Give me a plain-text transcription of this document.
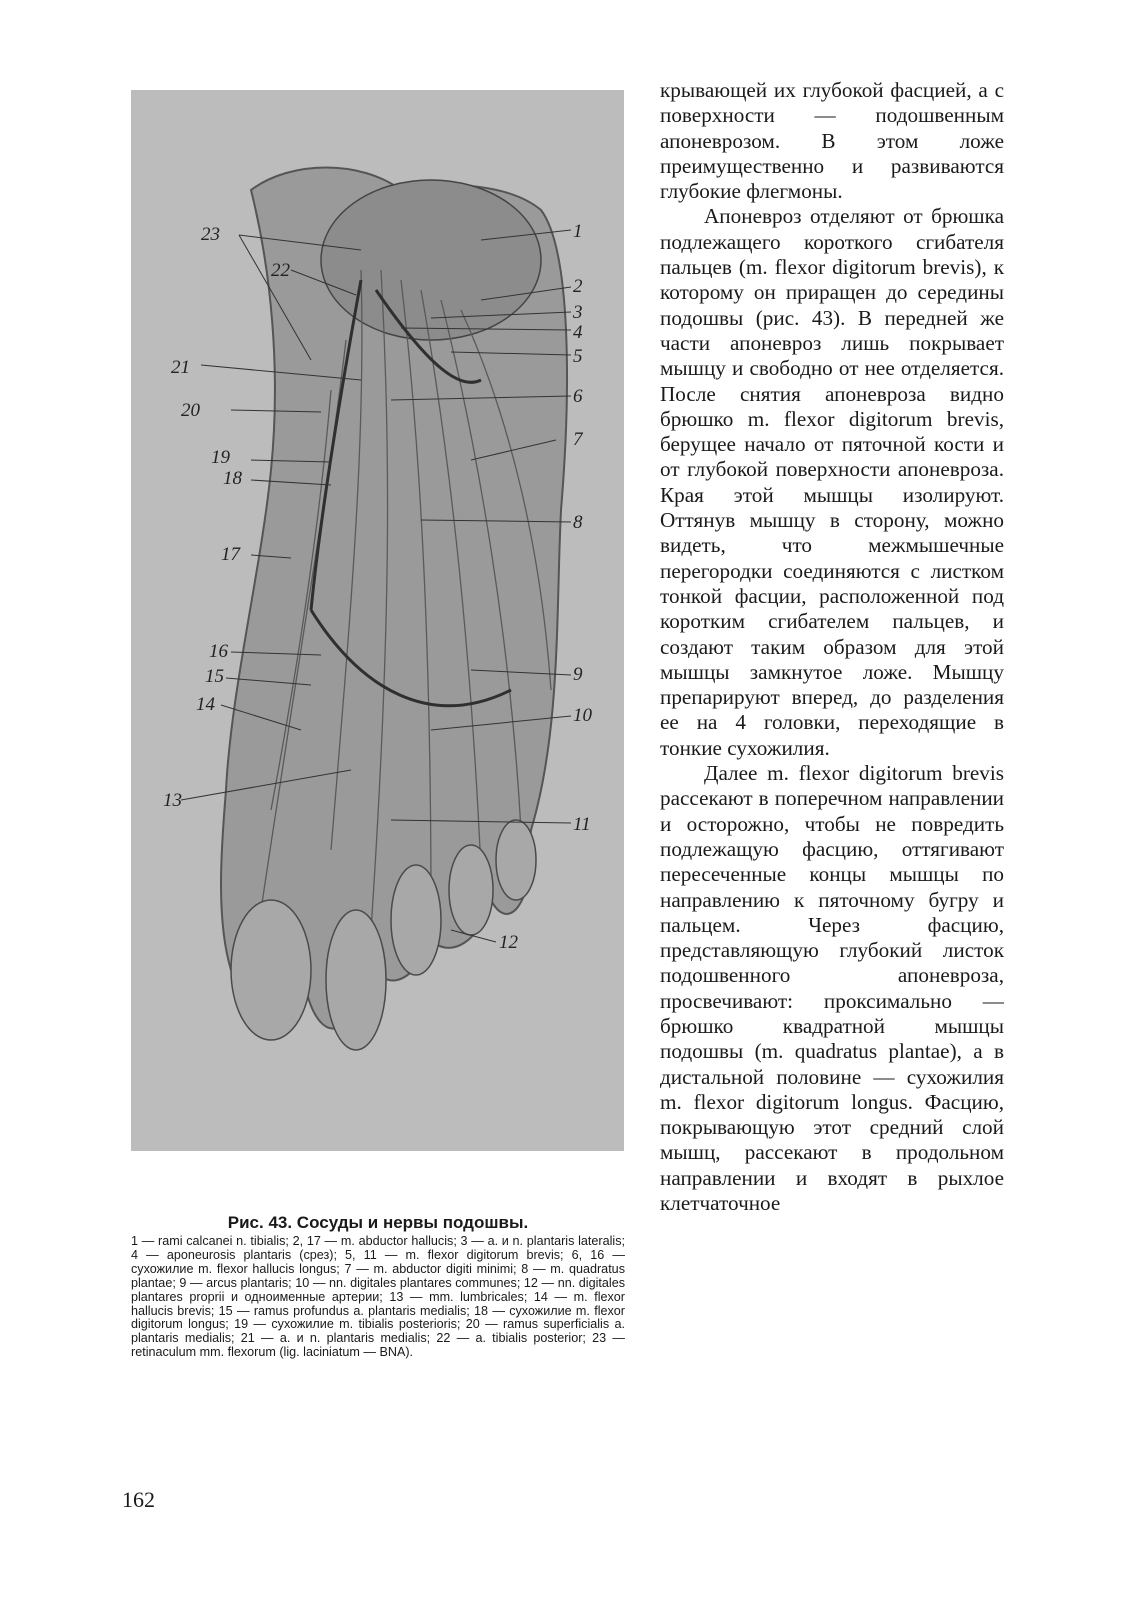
23
22
1
2
3
4
5
6
7
8
9
10
11
12
13
14
15
16
17
18
19
20
21

Рис. 43. Сосуды и нервы подошвы.

1 — rami calcanei n. tibialis; 2, 17 — m. abductor hallucis; 3 — a. и n. plantaris lateralis; 4 — aponeurosis plantaris (срез); 5, 11 — m. flexor digitorum brevis; 6, 16 — сухожилие m. flexor hallucis longus; 7 — m. abductor digiti minimi; 8 — m. quadratus plantae; 9 — arcus plantaris; 10 — nn. digitales plantares communes; 12 — nn. digitales plantares proprii и одноименные артерии; 13 — mm. lumbricales; 14 — m. flexor hallucis brevis; 15 — ramus profundus a. plantaris medialis; 18 — сухожилие m. flexor digitorum longus; 19 — сухожилие m. tibialis posterioris; 20 — ramus superficialis a. plantaris medialis; 21 — a. и n. plantaris medialis; 22 — a. tibialis posterior; 23 — retinaculum mm. flexorum (lig. laciniatum — BNA).

162

крывающей их глубокой фасцией, а с поверхности — подошвенным апоневрозом. В этом ложе преимущественно и развиваются глубокие флегмоны.

Апоневроз отделяют от брюшка подлежащего короткого сгибателя пальцев (m. flexor digitorum brevis), к которому он приращен до середины подошвы (рис. 43). В передней же части апоневроз лишь покрывает мышцу и свободно от нее отделяется. После снятия апоневроза видно брюшко m. flexor digitorum brevis, берущее начало от пяточной кости и от глубокой поверхности апоневроза. Края этой мышцы изолируют. Оттянув мышцу в сторону, можно видеть, что межмышечные перегородки соединяются с листком тонкой фасции, расположенной под коротким сгибателем пальцев, и создают таким образом для этой мышцы замкнутое ложе. Мышцу препарируют вперед, до разделения ее на 4 головки, переходящие в тонкие сухожилия.

Далее m. flexor digitorum brevis рассекают в поперечном направлении и осторожно, чтобы не повредить подлежащую фасцию, оттягивают пересеченные концы мышцы по направлению к пяточному бугру и пальцем. Через фасцию, представляющую глубокий листок подошвенного апоневроза, просвечивают: проксимально — брюшко квадратной мышцы подошвы (m. quadratus plantae), а в дистальной половине — сухожилия m. flexor digitorum longus. Фасцию, покрывающую этот средний слой мышц, рассекают в продольном направлении и входят в рыхлое клетчаточное
